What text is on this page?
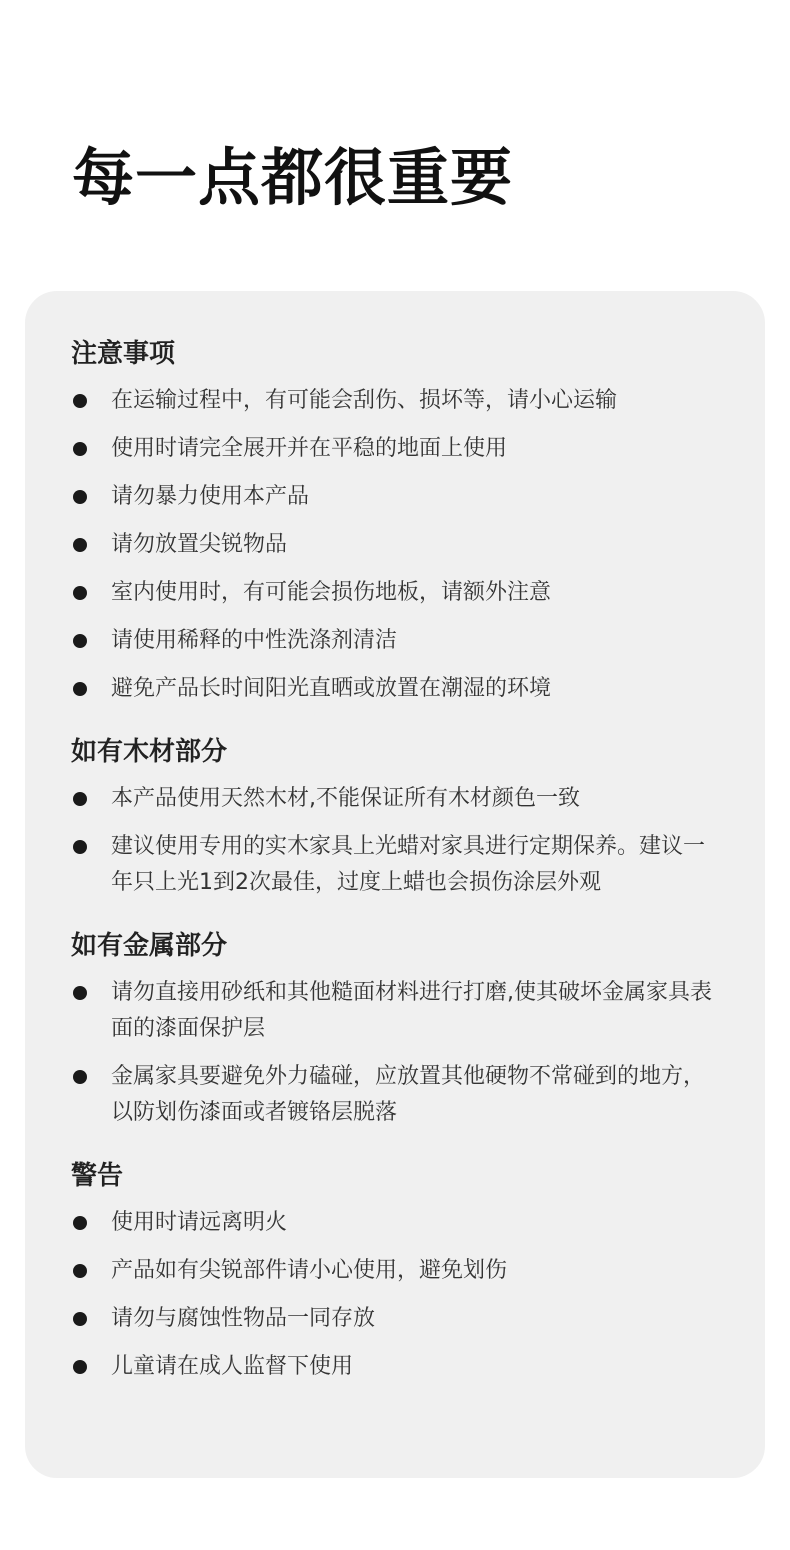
每一点都很重要
注意事项
在运输过程中，有可能会刮伤、损坏等，请小心运输
使用时请完全展开并在平稳的地面上使用
请勿暴力使用本产品
请勿放置尖锐物品
室内使用时，有可能会损伤地板，请额外注意
请使用稀释的中性洗涤剂清洁
避免产品长时间阳光直晒或放置在潮湿的环境
如有木材部分
本产品使用天然木材,不能保证所有木材颜色一致
建议使用专用的实木家具上光蜡对家具进行定期保养。建议一年只上光1到2次最佳，过度上蜡也会损伤涂层外观
如有金属部分
请勿直接用砂纸和其他糙面材料进行打磨,使其破坏金属家具表面的漆面保护层
金属家具要避免外力磕碰，应放置其他硬物不常碰到的地方，以防划伤漆面或者镀铬层脱落
警告
使用时请远离明火
产品如有尖锐部件请小心使用，避免划伤
请勿与腐蚀性物品一同存放
儿童请在成人监督下使用
